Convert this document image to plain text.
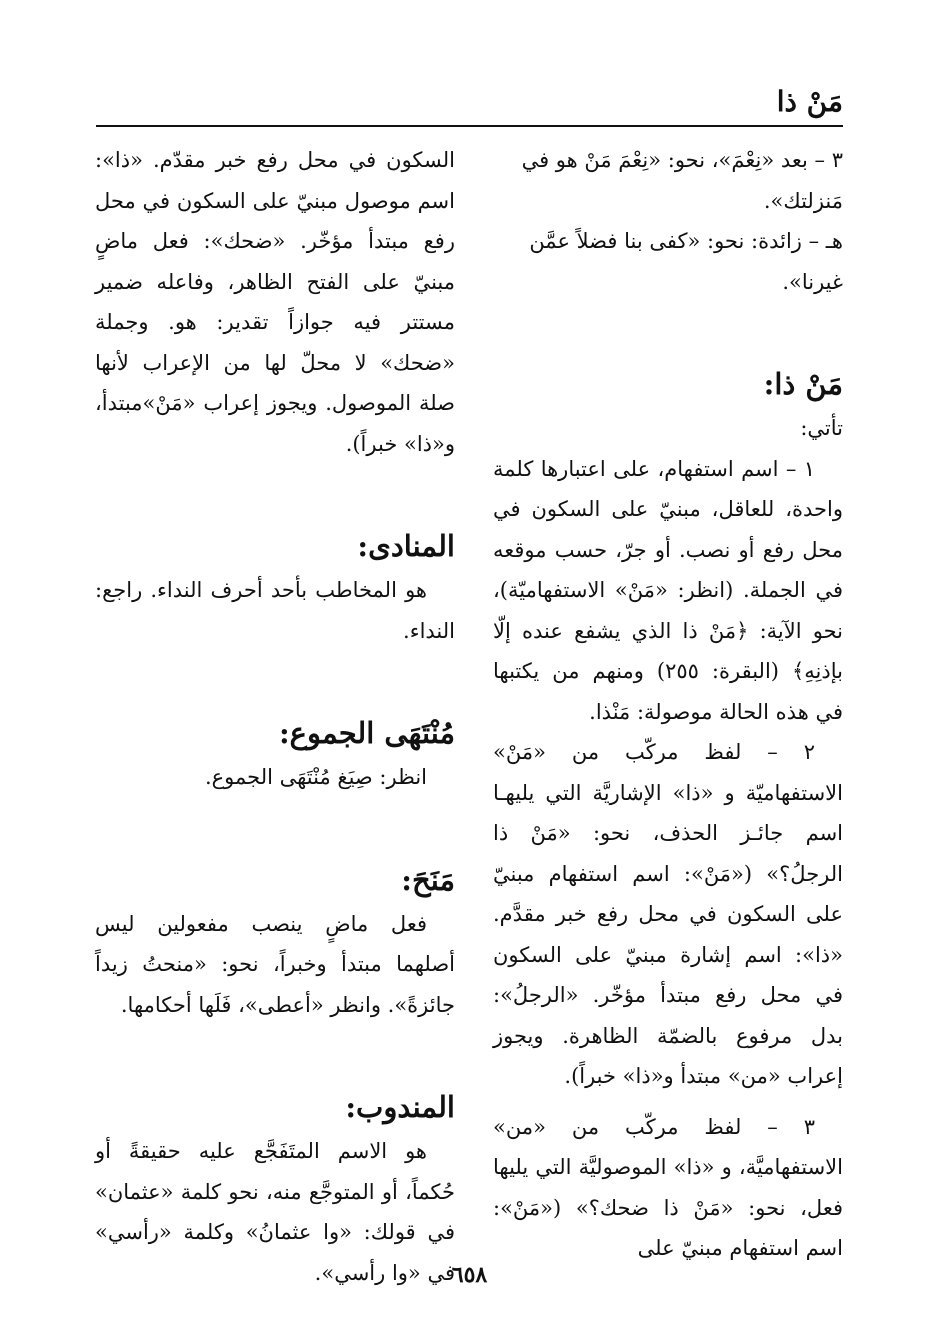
مَنْ ذا

٣ – بعد «نِعْمَ»، نحو: «نِعْمَ مَنْ هو في

مَنزلتك».

هـ – زائدة: نحو: «كفى بنا فضلاً عمَّن

غيرنا».

مَنْ ذا:

تأتي:

١ – اسم استفهام، على اعتبارها كلمة واحدة، للعاقل، مبنيّ على السكون في محل رفع أو نصب. أو جرّ، حسب موقعه في الجملة. (انظر: «مَنْ» الاستفهاميّة)، نحو الآية: ﴿مَنْ ذا الذي يشفع عنده إلّا بإذنِهِ﴾ (البقرة: ٢٥٥) ومنهم من يكتبها في هذه الحالة موصولة: مَنْذا.

٢ – لفظ مركّب من «مَنْ» الاستفهاميّة و «ذا» الإشاريَّة التي يليهـا اسم جائـز الحذف، نحو: «مَنْ ذا الرجلُ؟» («مَنْ»: اسم استفهام مبنيّ على السكون في محل رفع خبر مقدَّم. «ذا»: اسم إشارة مبنيّ على السكون في محل رفع مبتدأ مؤخّر. «الرجلُ»: بدل مرفوع بالضمّة الظاهرة. ويجوز إعراب «من» مبتدأ و«ذا» خبراً).

٣ – لفظ مركّب من «من» الاستفهاميَّة، و «ذا» الموصوليَّة التي يليها فعل، نحو: «مَنْ ذا ضحك؟» («مَنْ»: اسم استفهام مبنيّ على

السكون في محل رفع خبر مقدّم. «ذا»: اسم موصول مبنيّ على السكون في محل رفع مبتدأ مؤخّر. «ضحك»: فعل ماضٍ مبنيّ على الفتح الظاهر، وفاعله ضمير مستتر فيه جوازاً تقدير: هو. وجملة «ضحك» لا محلّ لها من الإعراب لأنها صلة الموصول. ويجوز إعراب «مَنْ»مبتدأ، و«ذا» خبراً).

المنادى:

هو المخاطب بأحد أحرف النداء. راجع: النداء.

مُنْتَهَى الجموع:

انظر: صِيَغ مُنْتَهَى الجموع.

مَنَحَ:

فعل ماضٍ ينصب مفعولين ليس أصلهما مبتدأ وخبراً، نحو: «منحتُ زيداً جائزةً». وانظر «أعطى»، فَلَها أحكامها.

المندوب:

هو الاسم المتَفَجَّع عليه حقيقةً أو حُكماً، أو المتوجَّع منه، نحو كلمة «عثمان» في قولك: «وا عثمانُ» وكلمة «رأسي» في «وا رأسي».

٦٥٨
